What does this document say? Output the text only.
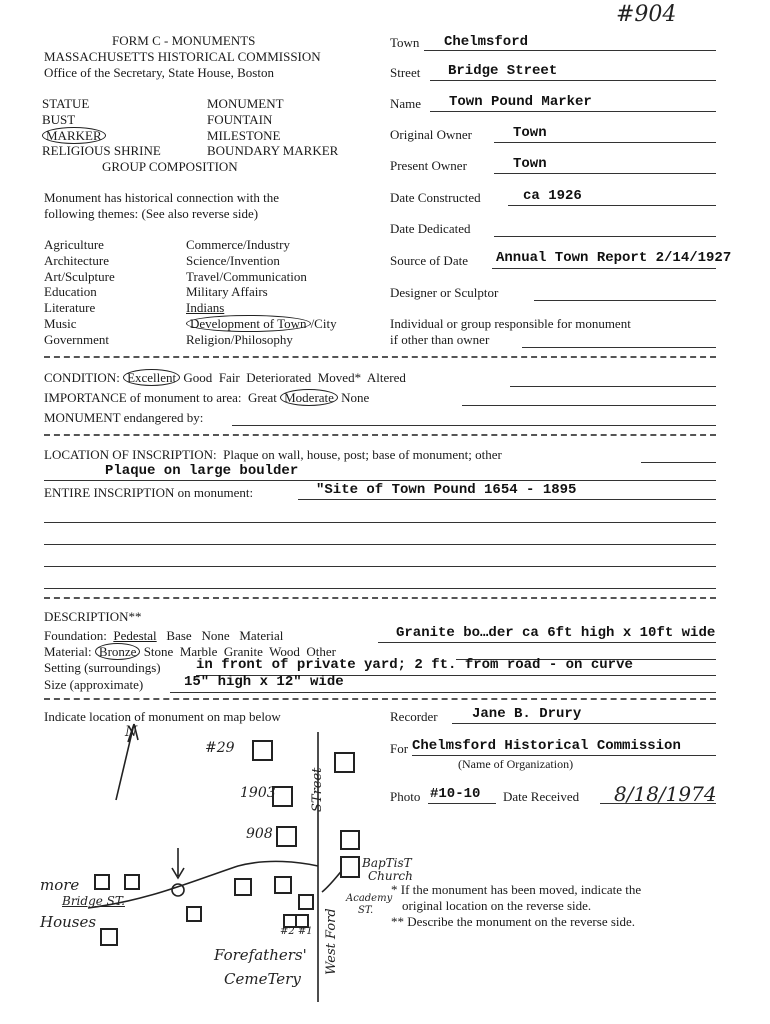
#904
FORM C - MONUMENTS
MASSACHUSETTS HISTORICAL COMMISSION
Office of the Secretary, State House, Boston
STATUE
BUST
MARKER
RELIGIOUS SHRINE
MONUMENT
FOUNTAIN
MILESTONE
BOUNDARY MARKER
GROUP COMPOSITION
Monument has historical connection with the
following themes: (See also reverse side)
Agriculture
Architecture
Art/Sculpture
Education
Literature
Music
Government
Commerce/Industry
Science/Invention
Travel/Communication
Military Affairs
Indians
Development of Town /City
Religion/Philosophy
Town Chelmsford
Street Bridge Street
Name Town Pound Marker
Original Owner	Town
Present Owner	Town
Date Constructed	ca 1926
Date Dedicated
Source of Date Annual Town Report 2/14/1927
Designer or Sculptor
Individual or group responsible for monument
if other than owner
CONDITION: Excellent Good Fair Deteriorated Moved* Altered
IMPORTANCE of monument to area: Great Moderate None
MONUMENT endangered by:
LOCATION OF INSCRIPTION: Plaque on wall, house, post; base of monument; other
Plaque on large boulder
ENTIRE INSCRIPTION on monument:	"Site of Town Pound 1654 - 1895
DESCRIPTION**
Foundation: Pedestal Base None Material	Granite bo…der ca 6ft high x 10ft wide
Material: Bronze Stone Marble Granite Wood Other
Setting (surroundings)	in front of private yard; 2 ft. from road - on curve
Size (approximate)	15" high x 12" wide
Indicate location of monument on map below
N
#29
1903
908
STreet
West Ford
BapTisT
Church
more
Bridge ST.
Houses
Academy
ST.
#2 #1
Forefathers'
CemeTery
Recorder Jane B. Drury
For Chelmsford Historical Commission
(Name of Organization)
Photo #10-10 Date Received 8/18/1974
* If the monument has been moved, indicate the
original location on the reverse side.
** Describe the monument on the reverse side.
